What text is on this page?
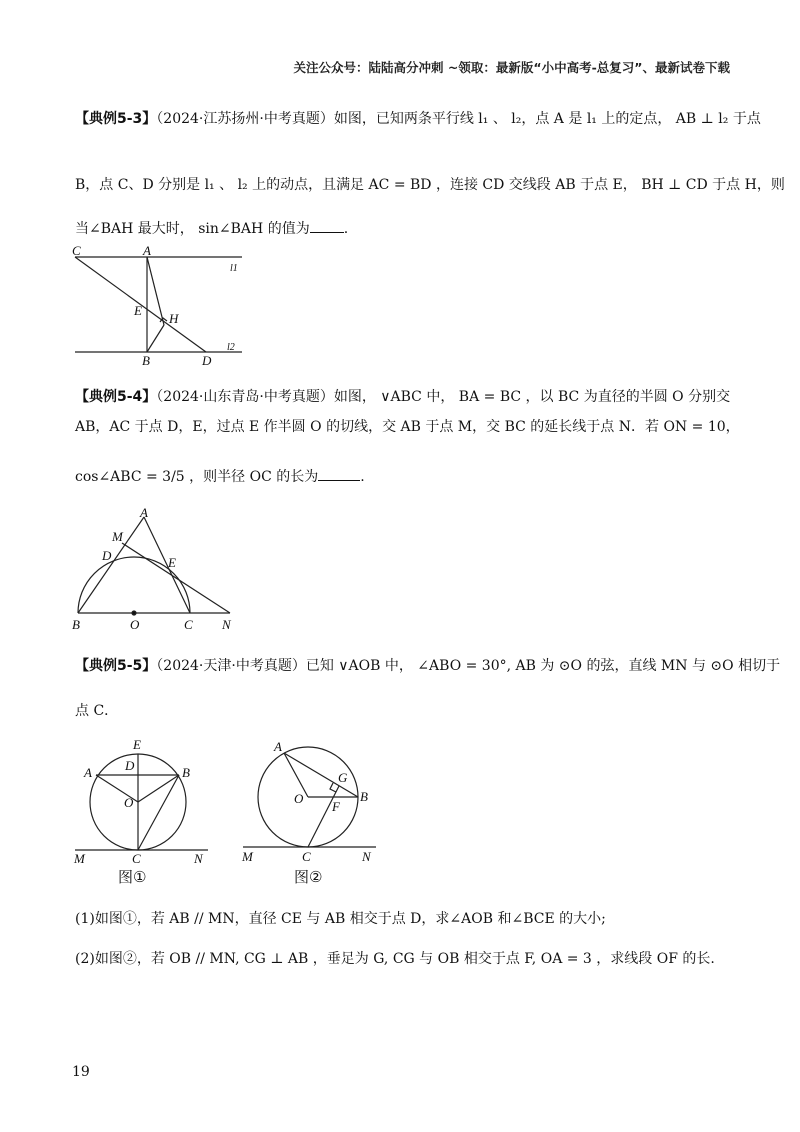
关注公众号：陆陆高分冲刺 ~领取：最新版“小中高考-总复习”、最新试卷下载
【典例5-3】（2024·江苏扬州·中考真题）如图，已知两条平行线 l₁ 、 l₂，点 A 是 l₁ 上的定点， AB ⊥ l₂ 于点
B，点 C、D 分别是 l₁ 、 l₂ 上的动点，且满足 AC = BD ，连接 CD 交线段 AB 于点 E， BH ⊥ CD 于点 H，则
当∠BAH 最大时， sin∠BAH 的值为 .
C	A
l1
E
H
B	D
l2
【典例5-4】（2024·山东青岛·中考真题）如图， ∨ABC 中， BA = BC ，以 BC 为直径的半圆 O 分别交
AB，AC 于点 D，E，过点 E 作半圆 O 的切线，交 AB 于点 M，交 BC 的延长线于点 N．若 ON = 10，
cos∠ABC = 3/5 ，则半径 OC 的长为	.
A
M
D	E
B	O	C N
【典例5-5】（2024·天津·中考真题）已知 ∨AOB 中， ∠ABO = 30°, AB 为 ⊙O 的弦，直线 MN 与 ⊙O 相切于
点 C．
E
A	D	B
O
M	C	N
图①
A
G
O	B
F
M	C	N
图②
(1)如图①，若 AB // MN，直径 CE 与 AB 相交于点 D，求∠AOB 和∠BCE 的大小;
(2)如图②，若 OB // MN, CG ⊥ AB ，垂足为 G, CG 与 OB 相交于点 F, OA = 3 ，求线段 OF 的长.
19
